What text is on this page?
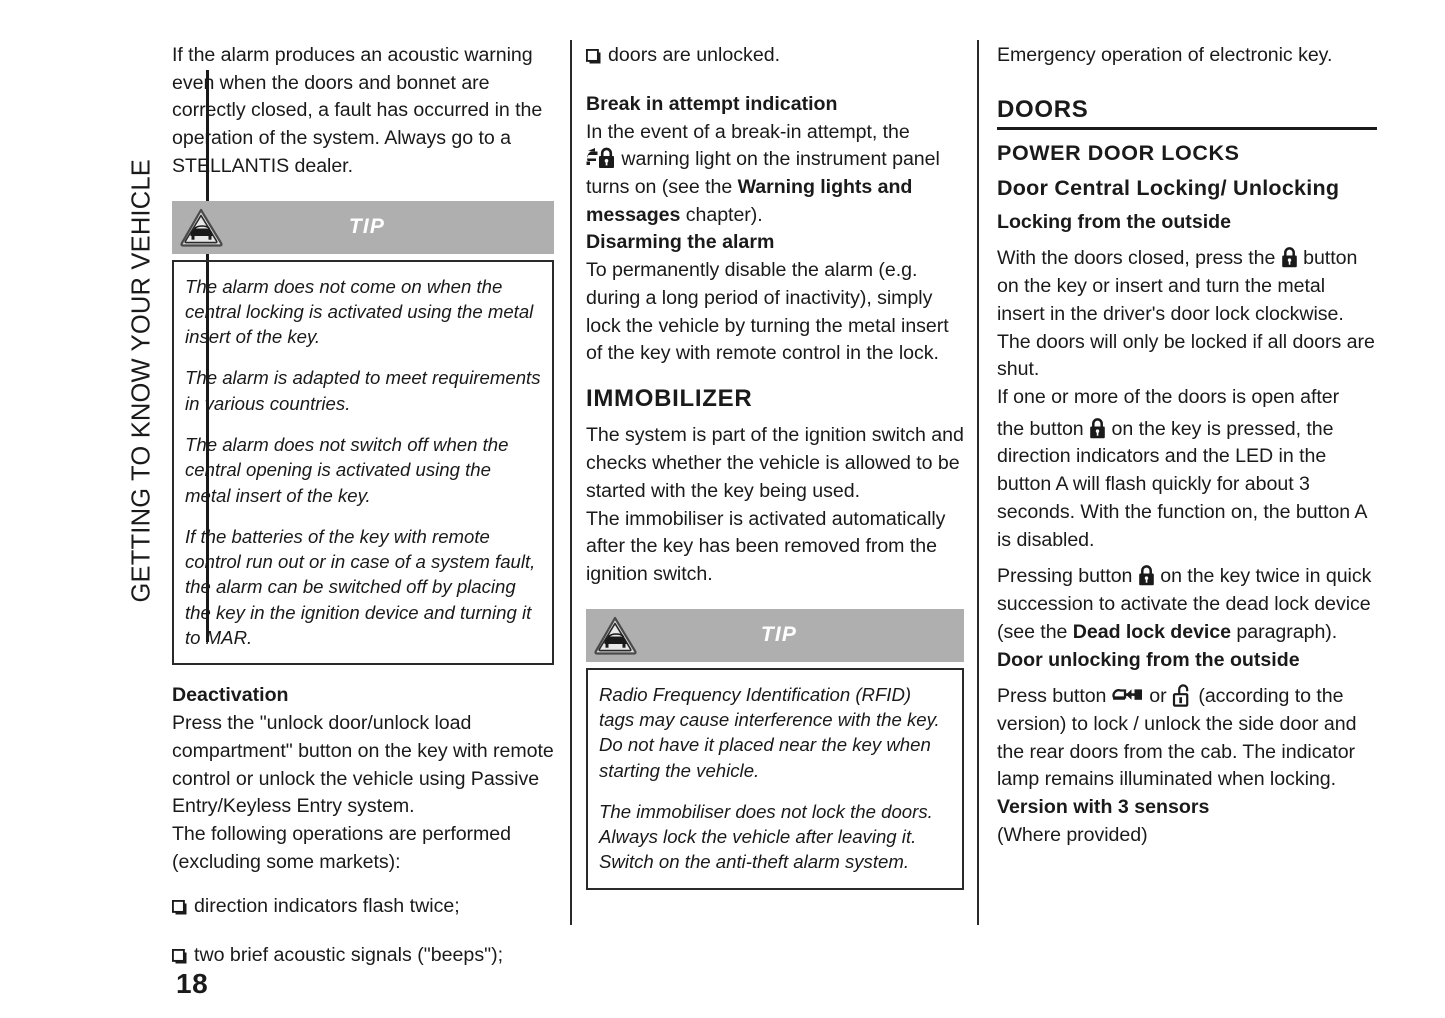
GETTING TO KNOW YOUR VEHICLE

If the alarm produces an acoustic warning even when the doors and bonnet are correctly closed, a fault has occurred in the operation of the system. Always go to a STELLANTIS dealer.

TIP

The alarm does not come on when the central locking is activated using the metal insert of the key.

The alarm is adapted to meet requirements in various countries.

The alarm does not switch off when the central opening is activated using the metal insert of the key.

If the batteries of the key with remote control run out or in case of a system fault, the alarm can be switched off by placing the key in the ignition device and turning it to MAR.

Deactivation

Press the "unlock door/unlock load compartment" button on the key with remote control or unlock the vehicle using Passive Entry/Keyless Entry system.

The following operations are performed (excluding some markets):

direction indicators flash twice;
two brief acoustic signals ("beeps");
doors are unlocked.
Break in attempt indication

In the event of a break-in attempt, the
warning light on the instrument panel turns on (see the Warning lights and messages chapter).

Disarming the alarm

To permanently disable the alarm (e.g. during a long period of inactivity), simply lock the vehicle by turning the metal insert of the key with remote control in the lock.

IMMOBILIZER

The system is part of the ignition switch and checks whether the vehicle is allowed to be started with the key being used.

The immobiliser is activated automatically after the key has been removed from the ignition switch.

TIP

Radio Frequency Identification (RFID) tags may cause interference with the key. Do not have it placed near the key when starting the vehicle.

The immobiliser does not lock the doors. Always lock the vehicle after leaving it. Switch on the anti-theft alarm system.

Emergency operation of electronic key.

DOORS
POWER DOOR LOCKS
Door Central Locking/ Unlocking
Locking from the outside

With the doors closed, press the button on the key or insert and turn the metal insert in the driver's door lock clockwise. The doors will only be locked if all doors are shut.

If one or more of the doors is open after

the button on the key is pressed, the direction indicators and the LED in the button A will flash quickly for about 3 seconds. With the function on, the button A is disabled.

Pressing button on the key twice in quick succession to activate the dead lock device (see the Dead lock device paragraph).

Door unlocking from the outside

Press button or (according to the version) to lock / unlock the side door and the rear doors from the cab. The indicator lamp remains illuminated when locking.

Version with 3 sensors

(Where provided)

18
